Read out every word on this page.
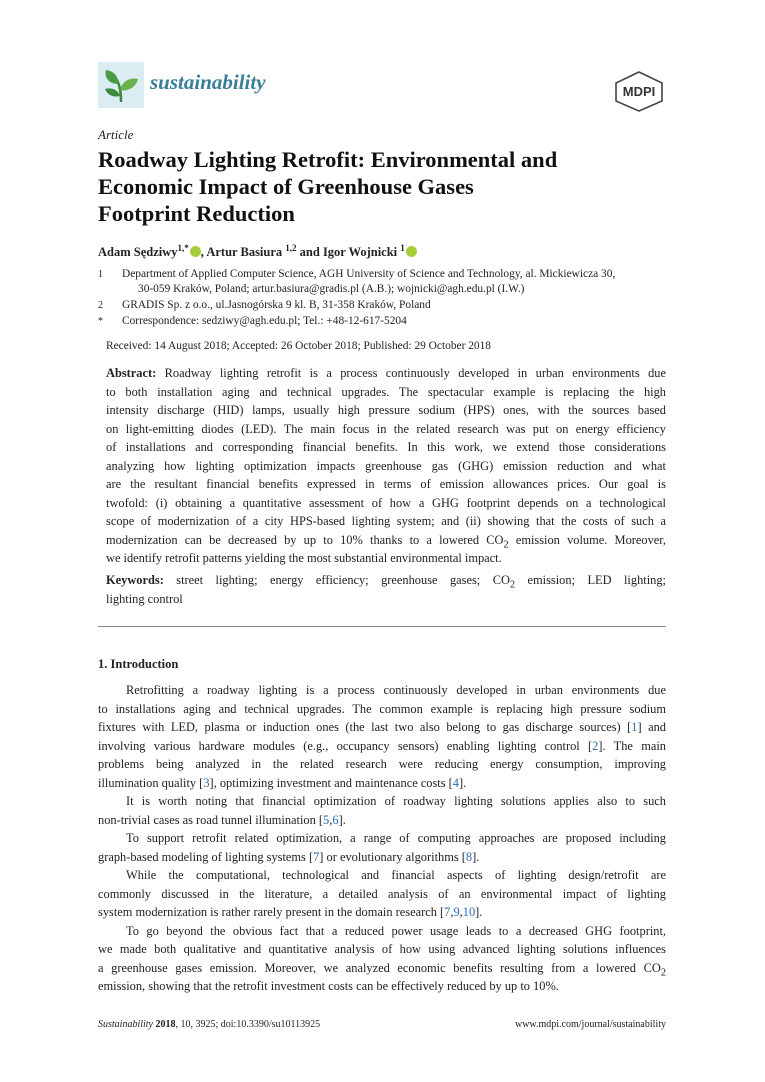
sustainability	MDPI
Article
Roadway Lighting Retrofit: Environmental and
Economic Impact of Greenhouse Gases
Footprint Reduction
Adam Sędziwy$^{1,*}$ , Artur Basiura $^{1,2}$ and Igor Wojnicki $^1$
1	Department of Applied Computer Science, AGH University of Science and Technology, al. Mickiewicza 30,
30-059 Kraków, Poland; artur.basiura@gradis.pl (A.B.); wojnicki@agh.edu.pl (I.W.)
2	GRADIS Sp. z o.o., ul.Jasnogórska 9 kl. B, 31-358 Kraków, Poland
*	Correspondence: sedziwy@agh.edu.pl; Tel.: +48-12-617-5204
Received: 14 August 2018; Accepted: 26 October 2018; Published: 29 October 2018
Abstract: Roadway lighting retrofit is a process continuously developed in urban environments due
to both installation aging and technical upgrades. The spectacular example is replacing the high
intensity discharge (HID) lamps, usually high pressure sodium (HPS) ones, with the sources based
on light-emitting diodes (LED). The main focus in the related research was put on energy efficiency
of installations and corresponding financial benefits. In this work, we extend those considerations
analyzing how lighting optimization impacts greenhouse gas (GHG) emission reduction and what
are the resultant financial benefits expressed in terms of emission allowances prices. Our goal is
twofold: (i) obtaining a quantitative assessment of how a GHG footprint depends on a technological
scope of modernization of a city HPS-based lighting system; and (ii) showing that the costs of such a
modernization can be decreased by up to 10% thanks to a lowered $CO_2$ emission volume. Moreover,
we identify retrofit patterns yielding the most substantial environmental impact.
Keywords: street lighting; energy efficiency; greenhouse gases; $CO_2$ emission; LED lighting;
lighting control
1. Introduction
Retrofitting a roadway lighting is a process continuously developed in urban environments due
to installations aging and technical upgrades. The common example is replacing high pressure sodium
fixtures with LED, plasma or induction ones (the last two also belong to gas discharge sources) [1] and
involving various hardware modules (e.g., occupancy sensors) enabling lighting control [2]. The main
problems being analyzed in the related research were reducing energy consumption, improving
illumination quality [3], optimizing investment and maintenance costs [4].
It is worth noting that financial optimization of roadway lighting solutions applies also to such
non-trivial cases as road tunnel illumination [5,6].
To support retrofit related optimization, a range of computing approaches are proposed including
graph-based modeling of lighting systems [7] or evolutionary algorithms [8].
While the computational, technological and financial aspects of lighting design/retrofit are
commonly discussed in the literature, a detailed analysis of an environmental impact of lighting
system modernization is rather rarely present in the domain research [7,9,10].
To go beyond the obvious fact that a reduced power usage leads to a decreased GHG footprint,
we made both qualitative and quantitative analysis of how using advanced lighting solutions influences
a greenhouse gases emission. Moreover, we analyzed economic benefits resulting from a lowered $CO_2$
emission, showing that the retrofit investment costs can be effectively reduced by up to 10%.
Sustainability 2018, 10, 3925; doi:10.3390/su10113925	www.mdpi.com/journal/sustainability
